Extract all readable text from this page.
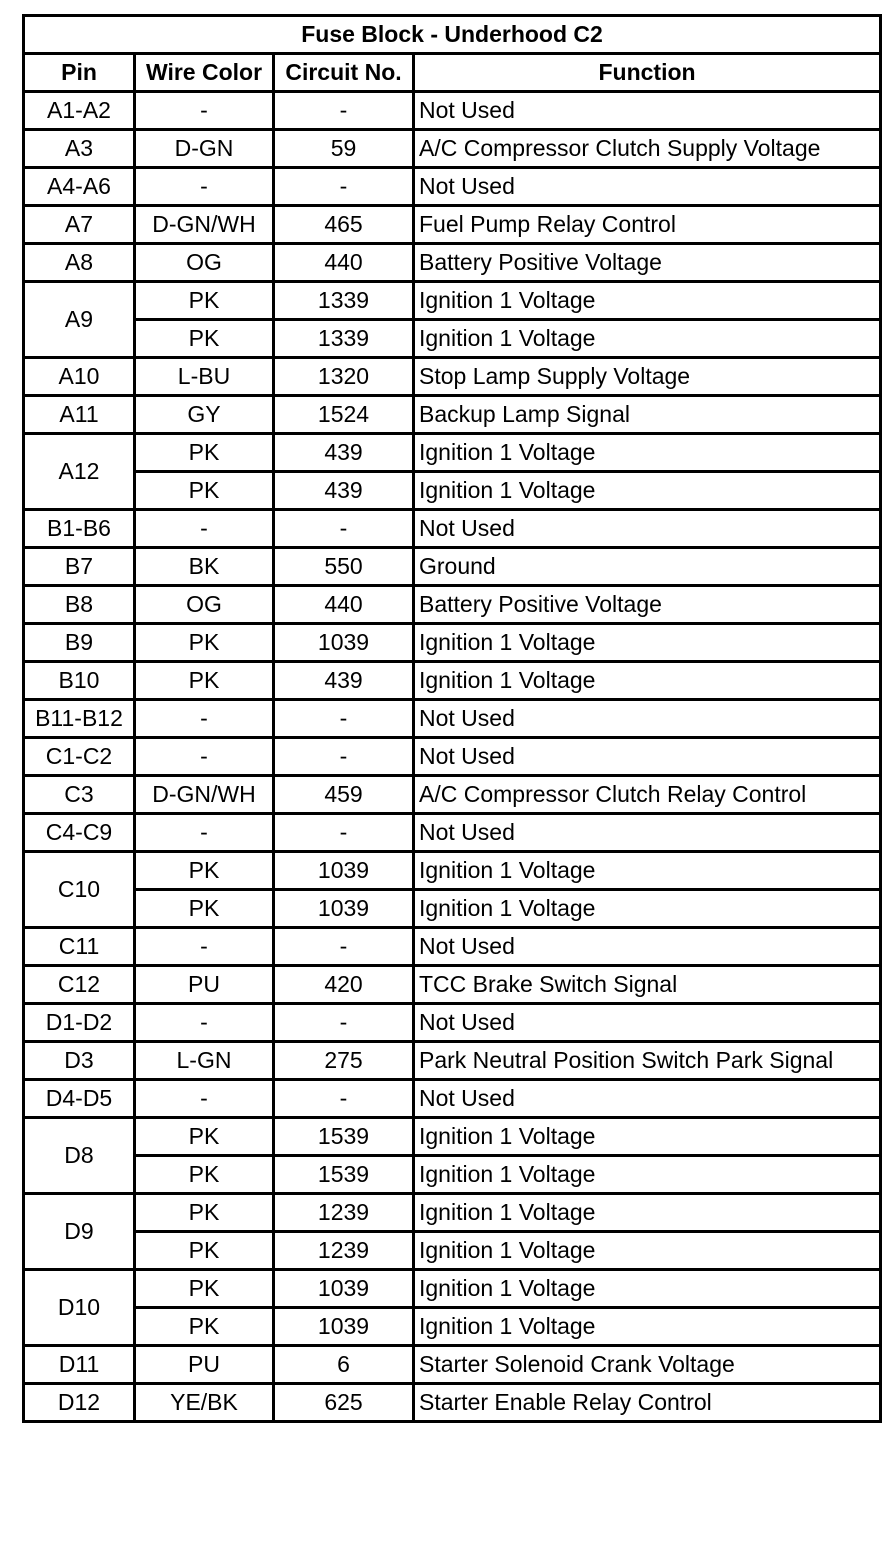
Fuse Block - Underhood C2			
Pin	Wire Color	Circuit No.	Function
A1-A2	-	-	Not Used
A3	D-GN	59	A/C Compressor Clutch Supply Voltage
A4-A6	-	-	Not Used
A7	D-GN/WH	465	Fuel Pump Relay Control
A8	OG	440	Battery Positive Voltage
A9	PK	1339	Ignition 1 Voltage
	PK	1339	Ignition 1 Voltage
A10	L-BU	1320	Stop Lamp Supply Voltage
A11	GY	1524	Backup Lamp Signal
A12	PK	439	Ignition 1 Voltage
	PK	439	Ignition 1 Voltage
B1-B6	-	-	Not Used
B7	BK	550	Ground
B8	OG	440	Battery Positive Voltage
B9	PK	1039	Ignition 1 Voltage
B10	PK	439	Ignition 1 Voltage
B11-B12	-	-	Not Used
C1-C2	-	-	Not Used
C3	D-GN/WH	459	A/C Compressor Clutch Relay Control
C4-C9	-	-	Not Used
C10	PK	1039	Ignition 1 Voltage
	PK	1039	Ignition 1 Voltage
C11	-	-	Not Used
C12	PU	420	TCC Brake Switch Signal
D1-D2	-	-	Not Used
D3	L-GN	275	Park Neutral Position Switch Park Signal
D4-D5	-	-	Not Used
D8	PK	1539	Ignition 1 Voltage
	PK	1539	Ignition 1 Voltage
D9	PK	1239	Ignition 1 Voltage
	PK	1239	Ignition 1 Voltage
D10	PK	1039	Ignition 1 Voltage
	PK	1039	Ignition 1 Voltage
D11	PU	6	Starter Solenoid Crank Voltage
D12	YE/BK	625	Starter Enable Relay Control
